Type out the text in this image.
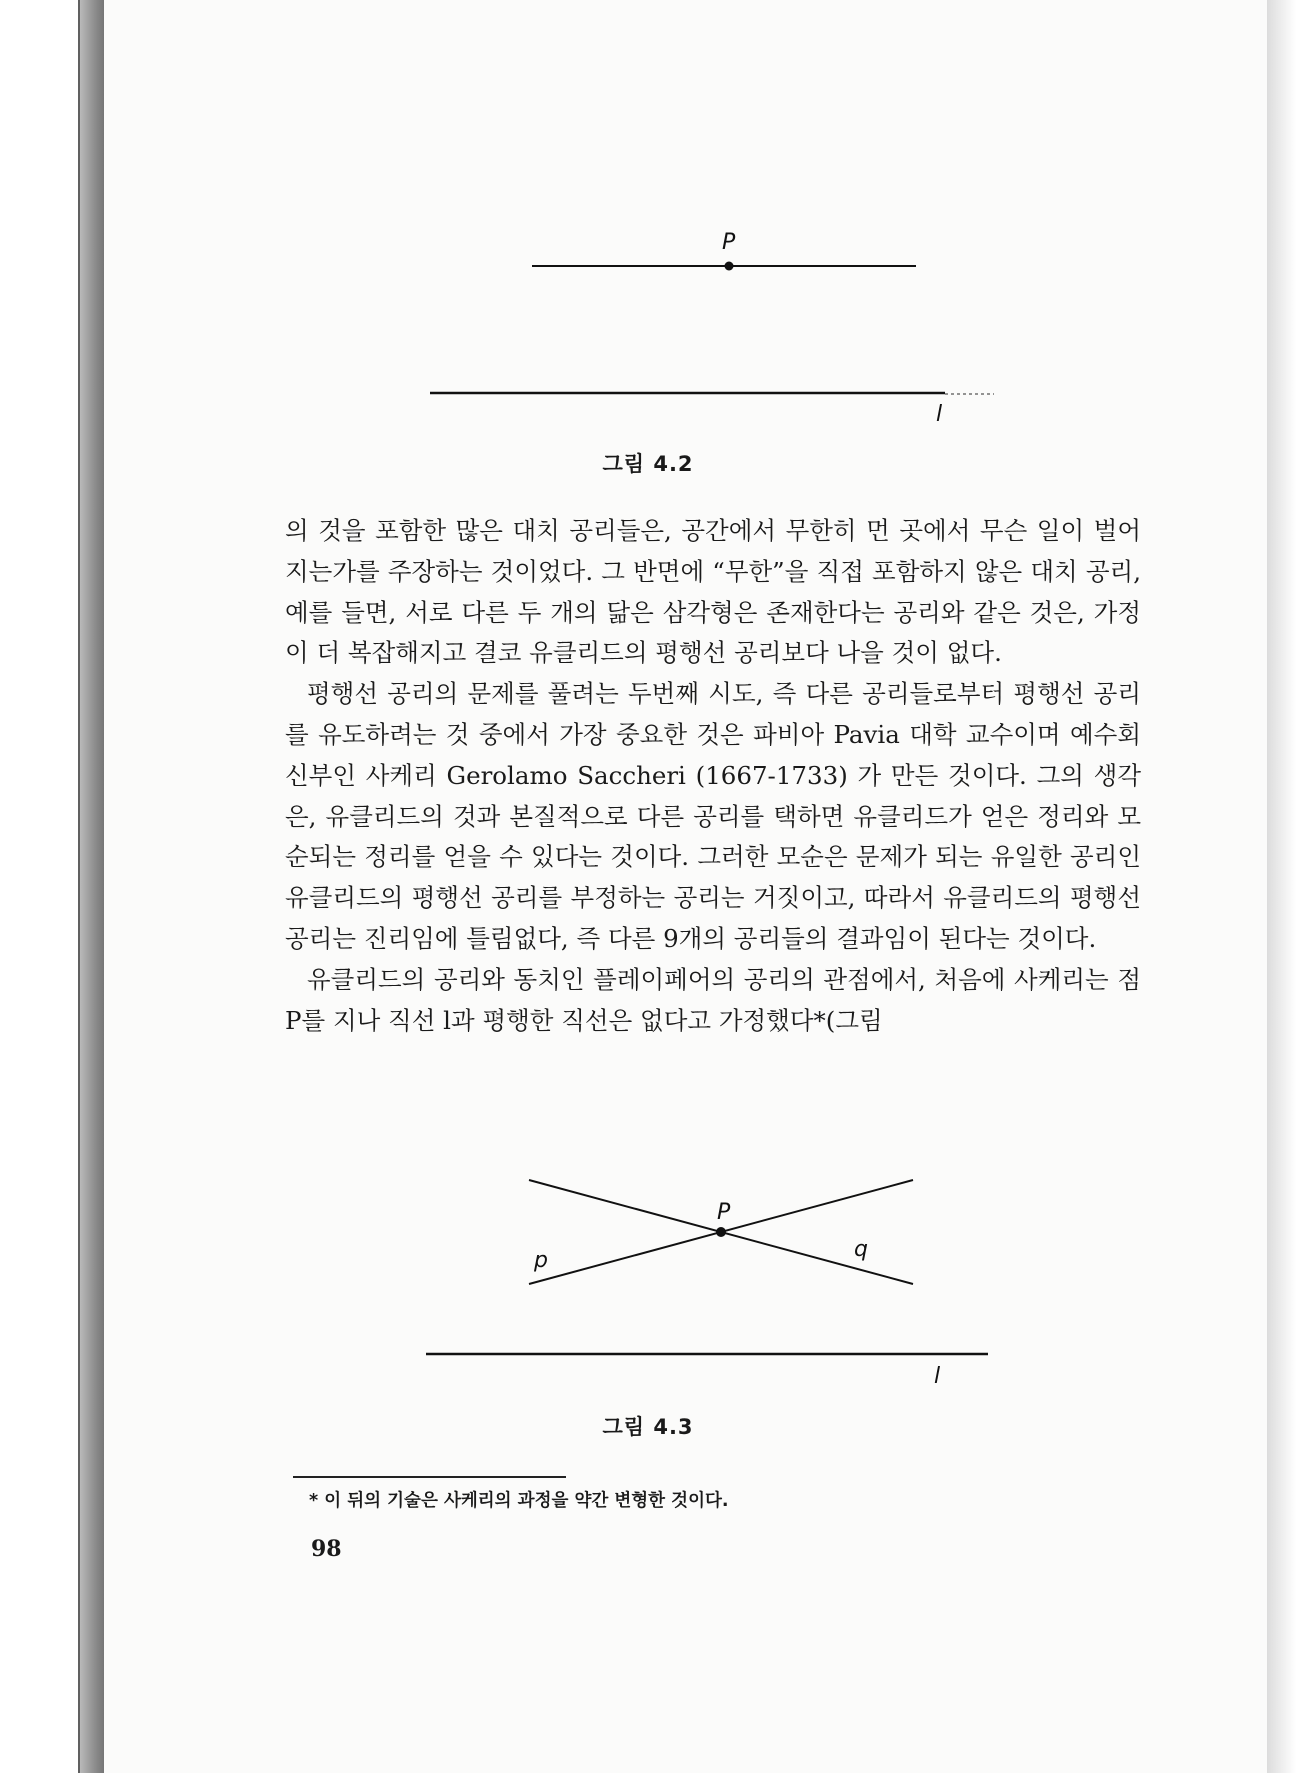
P
l
그림 4.2

의 것을 포함한 많은 대치 공리들은, 공간에서 무한히 먼 곳에서 무슨 일이 벌어지는가를 주장하는 것이었다. 그 반면에 “무한”을 직접 포함하지 않은 대치 공리, 예를 들면, 서로 다른 두 개의 닮은 삼각형은 존재한다는 공리와 같은 것은, 가정이 더 복잡해지고 결코 유클리드의 평행선 공리보다 나을 것이 없다.

평행선 공리의 문제를 풀려는 두번째 시도, 즉 다른 공리들로부터 평행선 공리를 유도하려는 것 중에서 가장 중요한 것은 파비아 Pavia 대학 교수이며 예수회 신부인 사케리 Gerolamo Saccheri (1667-1733) 가 만든 것이다. 그의 생각은, 유클리드의 것과 본질적으로 다른 공리를 택하면 유클리드가 얻은 정리와 모순되는 정리를 얻을 수 있다는 것이다. 그러한 모순은 문제가 되는 유일한 공리인 유클리드의 평행선 공리를 부정하는 공리는 거짓이고, 따라서 유클리드의 평행선 공리는 진리임에 틀림없다, 즉 다른 9개의 공리들의 결과임이 된다는 것이다.

유클리드의 공리와 동치인 플레이페어의 공리의 관점에서, 처음에 사케리는 점 P를 지나 직선 l과 평행한 직선은 없다고 가정했다*(그림

P
p	q
l
그림 4.3
* 이 뒤의 기술은 사케리의 과정을 약간 변형한 것이다.
98
